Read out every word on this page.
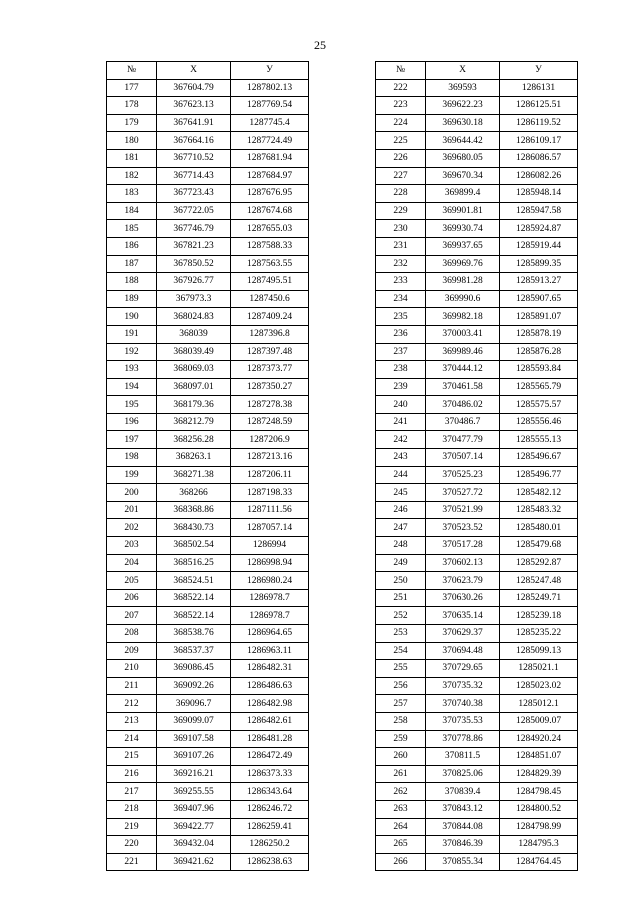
25
№	X	У
177	367604.79	1287802.13
178	367623.13	1287769.54
179	367641.91	1287745.4
180	367664.16	1287724.49
181	367710.52	1287681.94
182	367714.43	1287684.97
183	367723.43	1287676.95
184	367722.05	1287674.68
185	367746.79	1287655.03
186	367821.23	1287588.33
187	367850.52	1287563.55
188	367926.77	1287495.51
189	367973.3	1287450.6
190	368024.83	1287409.24
191	368039	1287396.8
192	368039.49	1287397.48
193	368069.03	1287373.77
194	368097.01	1287350.27
195	368179.36	1287278.38
196	368212.79	1287248.59
197	368256.28	1287206.9
198	368263.1	1287213.16
199	368271.38	1287206.11
200	368266	1287198.33
201	368368.86	1287111.56
202	368430.73	1287057.14
203	368502.54	1286994
204	368516.25	1286998.94
205	368524.51	1286980.24
206	368522.14	1286978.7
207	368522.14	1286978.7
208	368538.76	1286964.65
209	368537.37	1286963.11
210	369086.45	1286482.31
211	369092.26	1286486.63
212	369096.7	1286482.98
213	369099.07	1286482.61
214	369107.58	1286481.28
215	369107.26	1286472.49
216	369216.21	1286373.33
217	369255.55	1286343.64
218	369407.96	1286246.72
219	369422.77	1286259.41
220	369432.04	1286250.2
221	369421.62	1286238.63
№	X	У
222	369593	1286131
223	369622.23	1286125.51
224	369630.18	1286119.52
225	369644.42	1286109.17
226	369680.05	1286086.57
227	369670.34	1286082.26
228	369899.4	1285948.14
229	369901.81	1285947.58
230	369930.74	1285924.87
231	369937.65	1285919.44
232	369969.76	1285899.35
233	369981.28	1285913.27
234	369990.6	1285907.65
235	369982.18	1285891.07
236	370003.41	1285878.19
237	369989.46	1285876.28
238	370444.12	1285593.84
239	370461.58	1285565.79
240	370486.02	1285575.57
241	370486.7	1285556.46
242	370477.79	1285555.13
243	370507.14	1285496.67
244	370525.23	1285496.77
245	370527.72	1285482.12
246	370521.99	1285483.32
247	370523.52	1285480.01
248	370517.28	1285479.68
249	370602.13	1285292.87
250	370623.79	1285247.48
251	370630.26	1285249.71
252	370635.14	1285239.18
253	370629.37	1285235.22
254	370694.48	1285099.13
255	370729.65	1285021.1
256	370735.32	1285023.02
257	370740.38	1285012.1
258	370735.53	1285009.07
259	370778.86	1284920.24
260	370811.5	1284851.07
261	370825.06	1284829.39
262	370839.4	1284798.45
263	370843.12	1284800.52
264	370844.08	1284798.99
265	370846.39	1284795.3
266	370855.34	1284764.45
